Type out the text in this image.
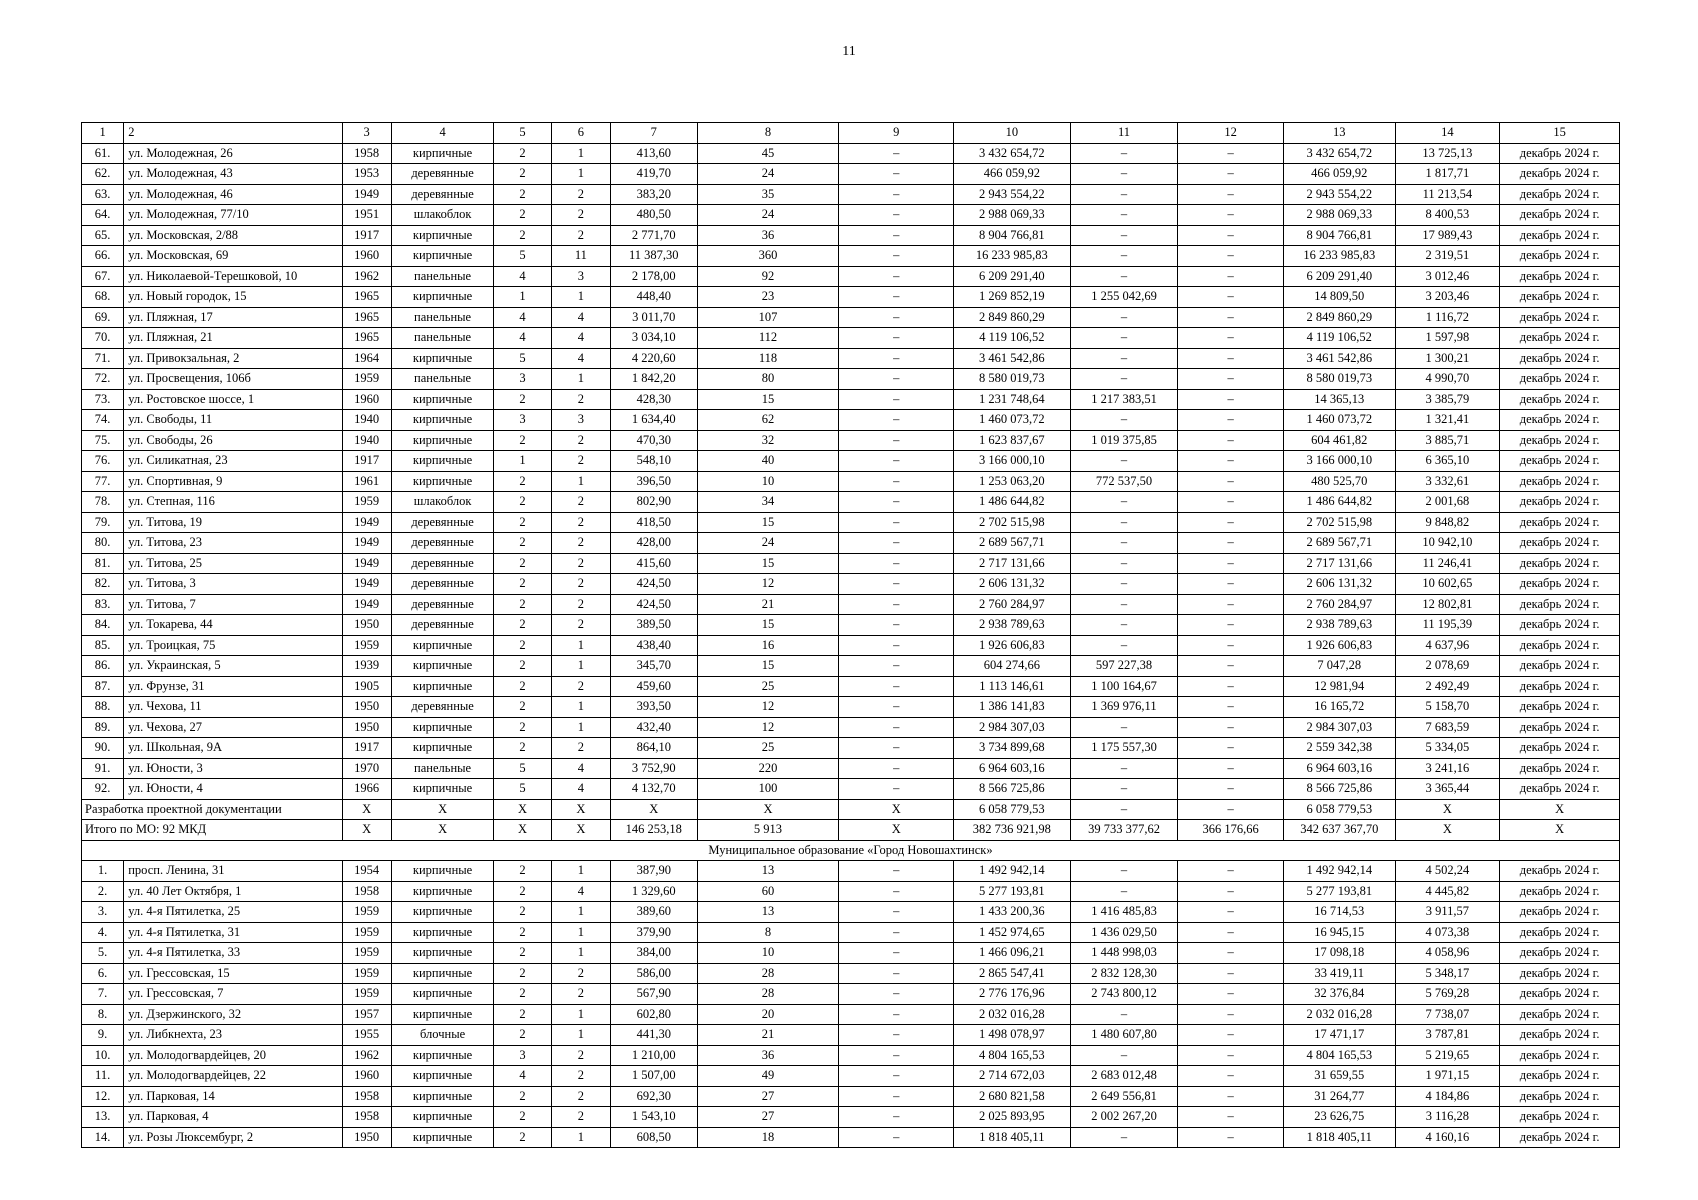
11
1	2	3	4	5	6	7	8	9	10	11	12	13	14	15
61.	ул. Молодежная, 26	1958	кирпичные	2	1	413,60	45	–	3 432 654,72	–	–	3 432 654,72	13 725,13	декабрь 2024 г.
62.	ул. Молодежная, 43	1953	деревянные	2	1	419,70	24	–	466 059,92	–	–	466 059,92	1 817,71	декабрь 2024 г.
63.	ул. Молодежная, 46	1949	деревянные	2	2	383,20	35	–	2 943 554,22	–	–	2 943 554,22	11 213,54	декабрь 2024 г.
64.	ул. Молодежная, 77/10	1951	шлакоблок	2	2	480,50	24	–	2 988 069,33	–	–	2 988 069,33	8 400,53	декабрь 2024 г.
65.	ул. Московская, 2/88	1917	кирпичные	2	2	2 771,70	36	–	8 904 766,81	–	–	8 904 766,81	17 989,43	декабрь 2024 г.
66.	ул. Московская, 69	1960	кирпичные	5	11	11 387,30	360	–	16 233 985,83	–	–	16 233 985,83	2 319,51	декабрь 2024 г.
67.	ул. Николаевой-Терешковой, 10	1962	панельные	4	3	2 178,00	92	–	6 209 291,40	–	–	6 209 291,40	3 012,46	декабрь 2024 г.
68.	ул. Новый городок, 15	1965	кирпичные	1	1	448,40	23	–	1 269 852,19	1 255 042,69	–	14 809,50	3 203,46	декабрь 2024 г.
69.	ул. Пляжная, 17	1965	панельные	4	4	3 011,70	107	–	2 849 860,29	–	–	2 849 860,29	1 116,72	декабрь 2024 г.
70.	ул. Пляжная, 21	1965	панельные	4	4	3 034,10	112	–	4 119 106,52	–	–	4 119 106,52	1 597,98	декабрь 2024 г.
71.	ул. Привокзальная, 2	1964	кирпичные	5	4	4 220,60	118	–	3 461 542,86	–	–	3 461 542,86	1 300,21	декабрь 2024 г.
72.	ул. Просвещения, 106б	1959	панельные	3	1	1 842,20	80	–	8 580 019,73	–	–	8 580 019,73	4 990,70	декабрь 2024 г.
73.	ул. Ростовское шоссе, 1	1960	кирпичные	2	2	428,30	15	–	1 231 748,64	1 217 383,51	–	14 365,13	3 385,79	декабрь 2024 г.
74.	ул. Свободы, 11	1940	кирпичные	3	3	1 634,40	62	–	1 460 073,72	–	–	1 460 073,72	1 321,41	декабрь 2024 г.
75.	ул. Свободы, 26	1940	кирпичные	2	2	470,30	32	–	1 623 837,67	1 019 375,85	–	604 461,82	3 885,71	декабрь 2024 г.
76.	ул. Силикатная, 23	1917	кирпичные	1	2	548,10	40	–	3 166 000,10	–	–	3 166 000,10	6 365,10	декабрь 2024 г.
77.	ул. Спортивная, 9	1961	кирпичные	2	1	396,50	10	–	1 253 063,20	772 537,50	–	480 525,70	3 332,61	декабрь 2024 г.
78.	ул. Степная, 116	1959	шлакоблок	2	2	802,90	34	–	1 486 644,82	–	–	1 486 644,82	2 001,68	декабрь 2024 г.
79.	ул. Титова, 19	1949	деревянные	2	2	418,50	15	–	2 702 515,98	–	–	2 702 515,98	9 848,82	декабрь 2024 г.
80.	ул. Титова, 23	1949	деревянные	2	2	428,00	24	–	2 689 567,71	–	–	2 689 567,71	10 942,10	декабрь 2024 г.
81.	ул. Титова, 25	1949	деревянные	2	2	415,60	15	–	2 717 131,66	–	–	2 717 131,66	11 246,41	декабрь 2024 г.
82.	ул. Титова, 3	1949	деревянные	2	2	424,50	12	–	2 606 131,32	–	–	2 606 131,32	10 602,65	декабрь 2024 г.
83.	ул. Титова, 7	1949	деревянные	2	2	424,50	21	–	2 760 284,97	–	–	2 760 284,97	12 802,81	декабрь 2024 г.
84.	ул. Токарева, 44	1950	деревянные	2	2	389,50	15	–	2 938 789,63	–	–	2 938 789,63	11 195,39	декабрь 2024 г.
85.	ул. Троицкая, 75	1959	кирпичные	2	1	438,40	16	–	1 926 606,83	–	–	1 926 606,83	4 637,96	декабрь 2024 г.
86.	ул. Украинская, 5	1939	кирпичные	2	1	345,70	15	–	604 274,66	597 227,38	–	7 047,28	2 078,69	декабрь 2024 г.
87.	ул. Фрунзе, 31	1905	кирпичные	2	2	459,60	25	–	1 113 146,61	1 100 164,67	–	12 981,94	2 492,49	декабрь 2024 г.
88.	ул. Чехова, 11	1950	деревянные	2	1	393,50	12	–	1 386 141,83	1 369 976,11	–	16 165,72	5 158,70	декабрь 2024 г.
89.	ул. Чехова, 27	1950	кирпичные	2	1	432,40	12	–	2 984 307,03	–	–	2 984 307,03	7 683,59	декабрь 2024 г.
90.	ул. Школьная, 9А	1917	кирпичные	2	2	864,10	25	–	3 734 899,68	1 175 557,30	–	2 559 342,38	5 334,05	декабрь 2024 г.
91.	ул. Юности, 3	1970	панельные	5	4	3 752,90	220	–	6 964 603,16	–	–	6 964 603,16	3 241,16	декабрь 2024 г.
92.	ул. Юности, 4	1966	кирпичные	5	4	4 132,70	100	–	8 566 725,86	–	–	8 566 725,86	3 365,44	декабрь 2024 г.
Разработка проектной документации		X	X	X	X	X	X	X	6 058 779,53	–	–	6 058 779,53	X	X
Итого по МО: 92 МКД		X	X	X	X	146 253,18	5 913	X	382 736 921,98	39 733 377,62	366 176,66	342 637 367,70	X	X
Муниципальное образование «Город Новошахтинск»														
1.	просп. Ленина, 31	1954	кирпичные	2	1	387,90	13	–	1 492 942,14	–	–	1 492 942,14	4 502,24	декабрь 2024 г.
2.	ул. 40 Лет Октября, 1	1958	кирпичные	2	4	1 329,60	60	–	5 277 193,81	–	–	5 277 193,81	4 445,82	декабрь 2024 г.
3.	ул. 4-я Пятилетка, 25	1959	кирпичные	2	1	389,60	13	–	1 433 200,36	1 416 485,83	–	16 714,53	3 911,57	декабрь 2024 г.
4.	ул. 4-я Пятилетка, 31	1959	кирпичные	2	1	379,90	8	–	1 452 974,65	1 436 029,50	–	16 945,15	4 073,38	декабрь 2024 г.
5.	ул. 4-я Пятилетка, 33	1959	кирпичные	2	1	384,00	10	–	1 466 096,21	1 448 998,03	–	17 098,18	4 058,96	декабрь 2024 г.
6.	ул. Грессовская, 15	1959	кирпичные	2	2	586,00	28	–	2 865 547,41	2 832 128,30	–	33 419,11	5 348,17	декабрь 2024 г.
7.	ул. Грессовская, 7	1959	кирпичные	2	2	567,90	28	–	2 776 176,96	2 743 800,12	–	32 376,84	5 769,28	декабрь 2024 г.
8.	ул. Дзержинского, 32	1957	кирпичные	2	1	602,80	20	–	2 032 016,28	–	–	2 032 016,28	7 738,07	декабрь 2024 г.
9.	ул. Либкнехта, 23	1955	блочные	2	1	441,30	21	–	1 498 078,97	1 480 607,80	–	17 471,17	3 787,81	декабрь 2024 г.
10.	ул. Молодогвардейцев, 20	1962	кирпичные	3	2	1 210,00	36	–	4 804 165,53	–	–	4 804 165,53	5 219,65	декабрь 2024 г.
11.	ул. Молодогвардейцев, 22	1960	кирпичные	4	2	1 507,00	49	–	2 714 672,03	2 683 012,48	–	31 659,55	1 971,15	декабрь 2024 г.
12.	ул. Парковая, 14	1958	кирпичные	2	2	692,30	27	–	2 680 821,58	2 649 556,81	–	31 264,77	4 184,86	декабрь 2024 г.
13.	ул. Парковая, 4	1958	кирпичные	2	2	1 543,10	27	–	2 025 893,95	2 002 267,20	–	23 626,75	3 116,28	декабрь 2024 г.
14.	ул. Розы Люксембург, 2	1950	кирпичные	2	1	608,50	18	–	1 818 405,11	–	–	1 818 405,11	4 160,16	декабрь 2024 г.
